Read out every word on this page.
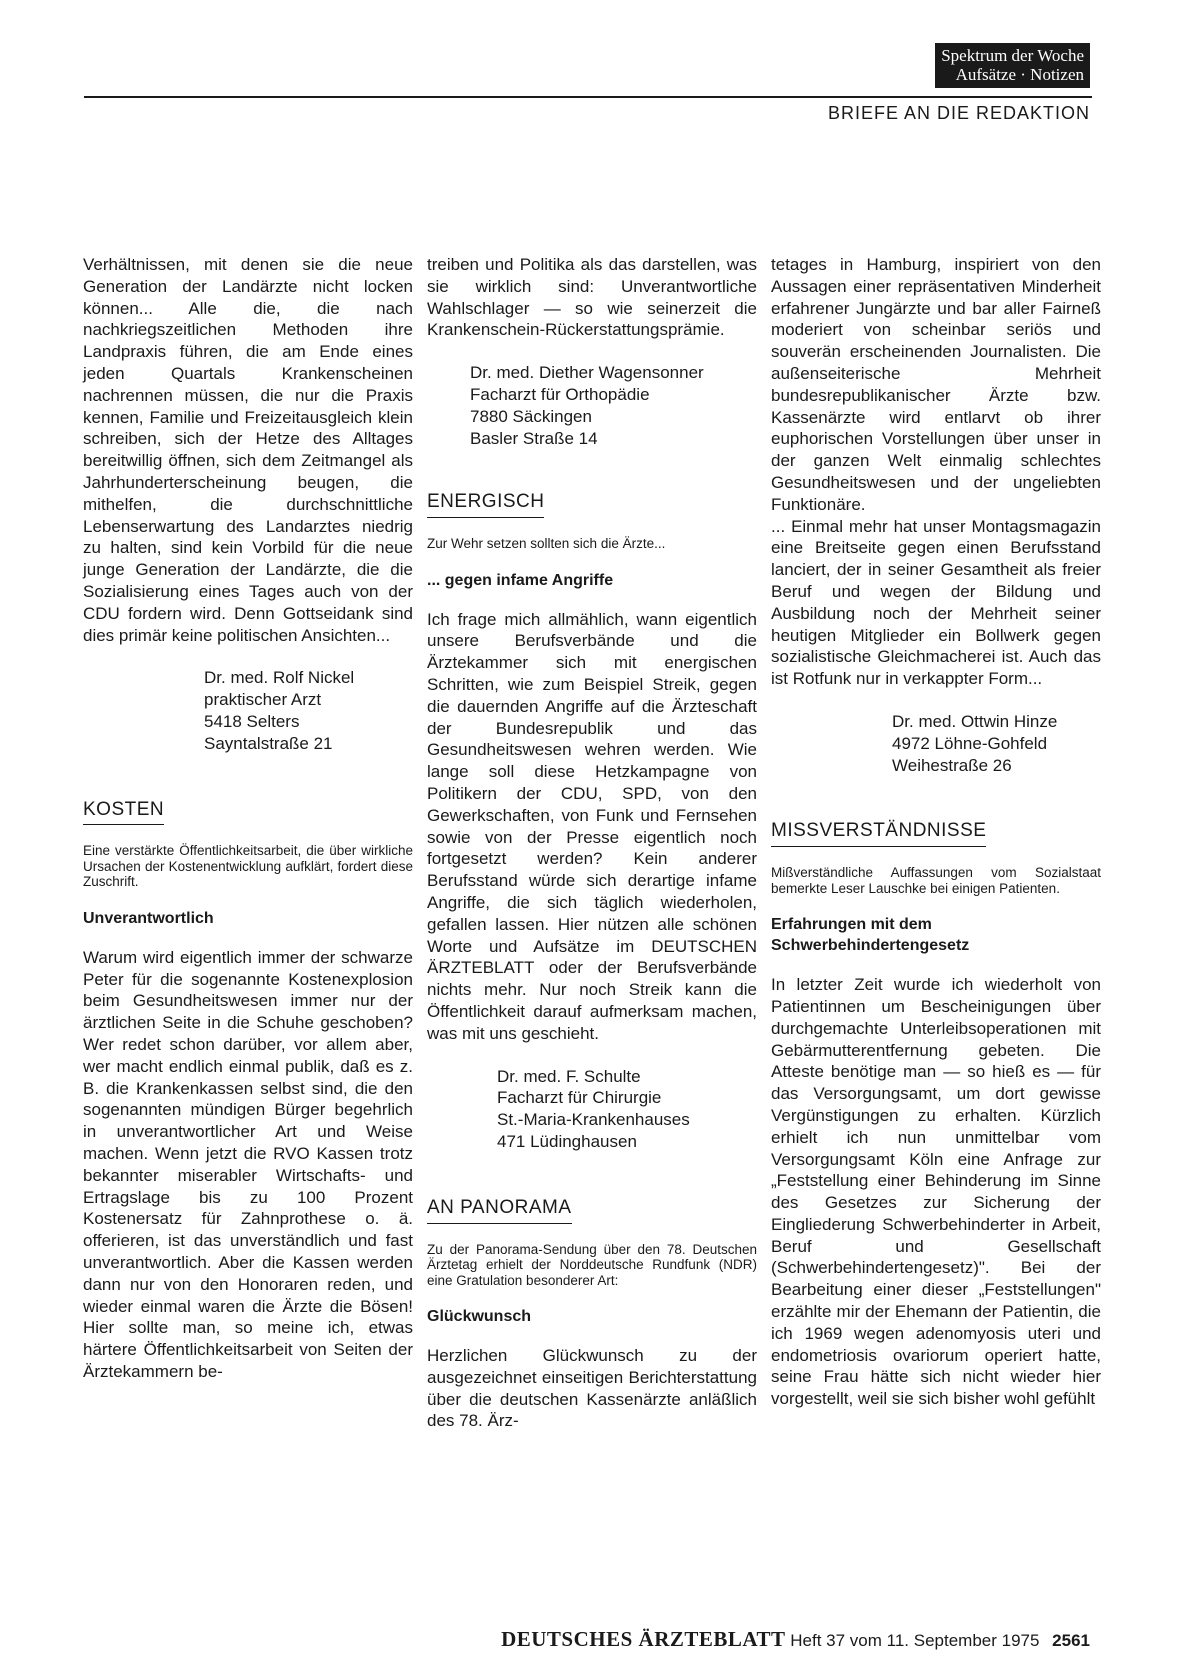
Spektrum der Woche
Aufsätze · Notizen
BRIEFE AN DIE REDAKTION

Verhältnissen, mit denen sie die neue Generation der Landärzte nicht locken können... Alle die, die nach nachkriegszeitlichen Methoden ihre Landpraxis führen, die am Ende eines jeden Quartals Krankenscheinen nachrennen müssen, die nur die Praxis kennen, Familie und Freizeitausgleich klein schreiben, sich der Hetze des Alltages bereitwillig öffnen, sich dem Zeitmangel als Jahrhunderterscheinung beugen, die mithelfen, die durchschnittliche Lebenserwartung des Landarztes niedrig zu halten, sind kein Vorbild für die neue junge Generation der Landärzte, die die Sozialisierung eines Tages auch von der CDU fordern wird. Denn Gottseidank sind dies primär keine politischen Ansichten...

Dr. med. Rolf Nickel
praktischer Arzt
5418 Selters
Sayntalstraße 21
KOSTEN

Eine verstärkte Öffentlichkeitsarbeit, die über wirkliche Ursachen der Kostenentwicklung aufklärt, fordert diese Zuschrift.

Unverantwortlich

Warum wird eigentlich immer der schwarze Peter für die sogenannte Kostenexplosion beim Gesundheitswesen immer nur der ärztlichen Seite in die Schuhe geschoben? Wer redet schon darüber, vor allem aber, wer macht endlich einmal publik, daß es z. B. die Krankenkassen selbst sind, die den sogenannten mündigen Bürger begehrlich in unverantwortlicher Art und Weise machen. Wenn jetzt die RVO Kassen trotz bekannter miserabler Wirtschafts- und Ertragslage bis zu 100 Prozent Kostenersatz für Zahnprothese o. ä. offerieren, ist das unverständlich und fast unverantwortlich. Aber die Kassen werden dann nur von den Honoraren reden, und wieder einmal waren die Ärzte die Bösen! Hier sollte man, so meine ich, etwas härtere Öffentlichkeitsarbeit von Seiten der Ärztekammern be-

treiben und Politika als das darstellen, was sie wirklich sind: Unverantwortliche Wahlschlager — so wie seinerzeit die Krankenschein-Rückerstattungsprämie.

Dr. med. Diether Wagensonner
Facharzt für Orthopädie
7880 Säckingen
Basler Straße 14
ENERGISCH

Zur Wehr setzen sollten sich die Ärzte...

... gegen infame Angriffe

Ich frage mich allmählich, wann eigentlich unsere Berufsverbände und die Ärztekammer sich mit energischen Schritten, wie zum Beispiel Streik, gegen die dauernden Angriffe auf die Ärzteschaft der Bundesrepublik und das Gesundheitswesen wehren werden. Wie lange soll diese Hetzkampagne von Politikern der CDU, SPD, von den Gewerkschaften, von Funk und Fernsehen sowie von der Presse eigentlich noch fortgesetzt werden? Kein anderer Berufsstand würde sich derartige infame Angriffe, die sich täglich wiederholen, gefallen lassen. Hier nützen alle schönen Worte und Aufsätze im DEUTSCHEN ÄRZTEBLATT oder der Berufsverbände nichts mehr. Nur noch Streik kann die Öffentlichkeit darauf aufmerksam machen, was mit uns geschieht.

Dr. med. F. Schulte
Facharzt für Chirurgie
St.-Maria-Krankenhauses
471 Lüdinghausen
AN PANORAMA

Zu der Panorama-Sendung über den 78. Deutschen Ärztetag erhielt der Norddeutsche Rundfunk (NDR) eine Gratulation besonderer Art:

Glückwunsch

Herzlichen Glückwunsch zu der ausgezeichnet einseitigen Berichterstattung über die deutschen Kassenärzte anläßlich des 78. Ärz-

tetages in Hamburg, inspiriert von den Aussagen einer repräsentativen Minderheit erfahrener Jungärzte und bar aller Fairneß moderiert von scheinbar seriös und souverän erscheinenden Journalisten. Die außenseiterische Mehrheit bundesrepublikanischer Ärzte bzw. Kassenärzte wird entlarvt ob ihrer euphorischen Vorstellungen über unser in der ganzen Welt einmalig schlechtes Gesundheitswesen und der ungeliebten Funktionäre.

... Einmal mehr hat unser Montagsmagazin eine Breitseite gegen einen Berufsstand lanciert, der in seiner Gesamtheit als freier Beruf und wegen der Bildung und Ausbildung noch der Mehrheit seiner heutigen Mitglieder ein Bollwerk gegen sozialistische Gleichmacherei ist. Auch das ist Rotfunk nur in verkappter Form...

Dr. med. Ottwin Hinze
4972 Löhne-Gohfeld
Weihestraße 26
MISSVERSTÄNDNISSE

Mißverständliche Auffassungen vom Sozialstaat bemerkte Leser Lauschke bei einigen Patienten.

Erfahrungen mit dem
Schwerbehindertengesetz

In letzter Zeit wurde ich wiederholt von Patientinnen um Bescheinigungen über durchgemachte Unterleibsoperationen mit Gebärmutterentfernung gebeten. Die Atteste benötige man — so hieß es — für das Versorgungsamt, um dort gewisse Vergünstigungen zu erhalten. Kürzlich erhielt ich nun unmittelbar vom Versorgungsamt Köln eine Anfrage zur „Feststellung einer Behinderung im Sinne des Gesetzes zur Sicherung der Eingliederung Schwerbehinderter in Arbeit, Beruf und Gesellschaft (Schwerbehindertengesetz)". Bei der Bearbeitung einer dieser „Feststellungen" erzählte mir der Ehemann der Patientin, die ich 1969 wegen adenomyosis uteri und endometriosis ovariorum operiert hatte, seine Frau hätte sich nicht wieder hier vorgestellt, weil sie sich bisher wohl gefühlt

DEUTSCHES ÄRZTEBLATT Heft 37 vom 11. September 1975 2561
